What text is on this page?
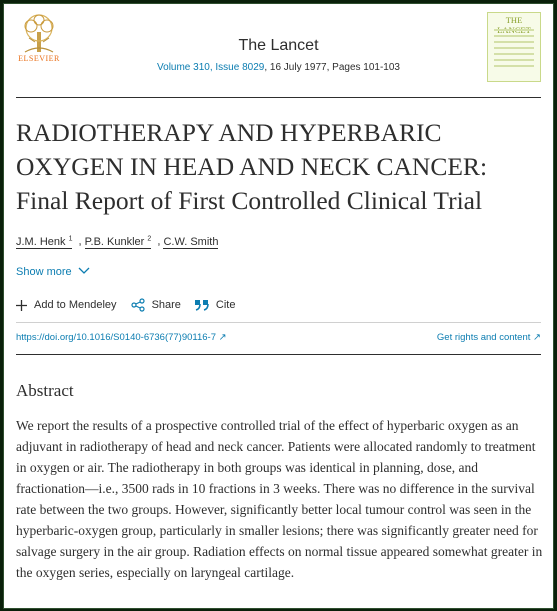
ELSEVIER
The Lancet
Volume 310, Issue 8029, 16 July 1977, Pages 101-103
THE
RADIOTHERAPY AND HYPERBARIC OXYGEN IN HEAD AND NECK CANCER: Final Report of First Controlled Clinical Trial
J.M. Henk $^1$ , P.B. Kunkler $^2$ , C.W. Smith
Show more
Add to Mendeley	Share	Cite
https://doi.org/10.1016/S0140-6736(77)90116-7 ↗	Get rights and content ↗
Abstract
We report the results of a prospective controlled trial of the effect of hyperbaric oxygen as an adjuvant in radiotherapy of head and neck cancer. Patients were allocated randomly to treatment in oxygen or air. The radiotherapy in both groups was identical in planning, dose, and fractionation—i.e., 3500 rads in 10 fractions in 3 weeks. There was no difference in the survival rate between the two groups. However, significantly better local tumour control was seen in the hyperbaric-oxygen group, particularly in smaller lesions; there was significantly greater need for salvage surgery in the air group. Radiation effects on normal tissue appeared somewhat greater in the oxygen series, especially on laryngeal cartilage.
